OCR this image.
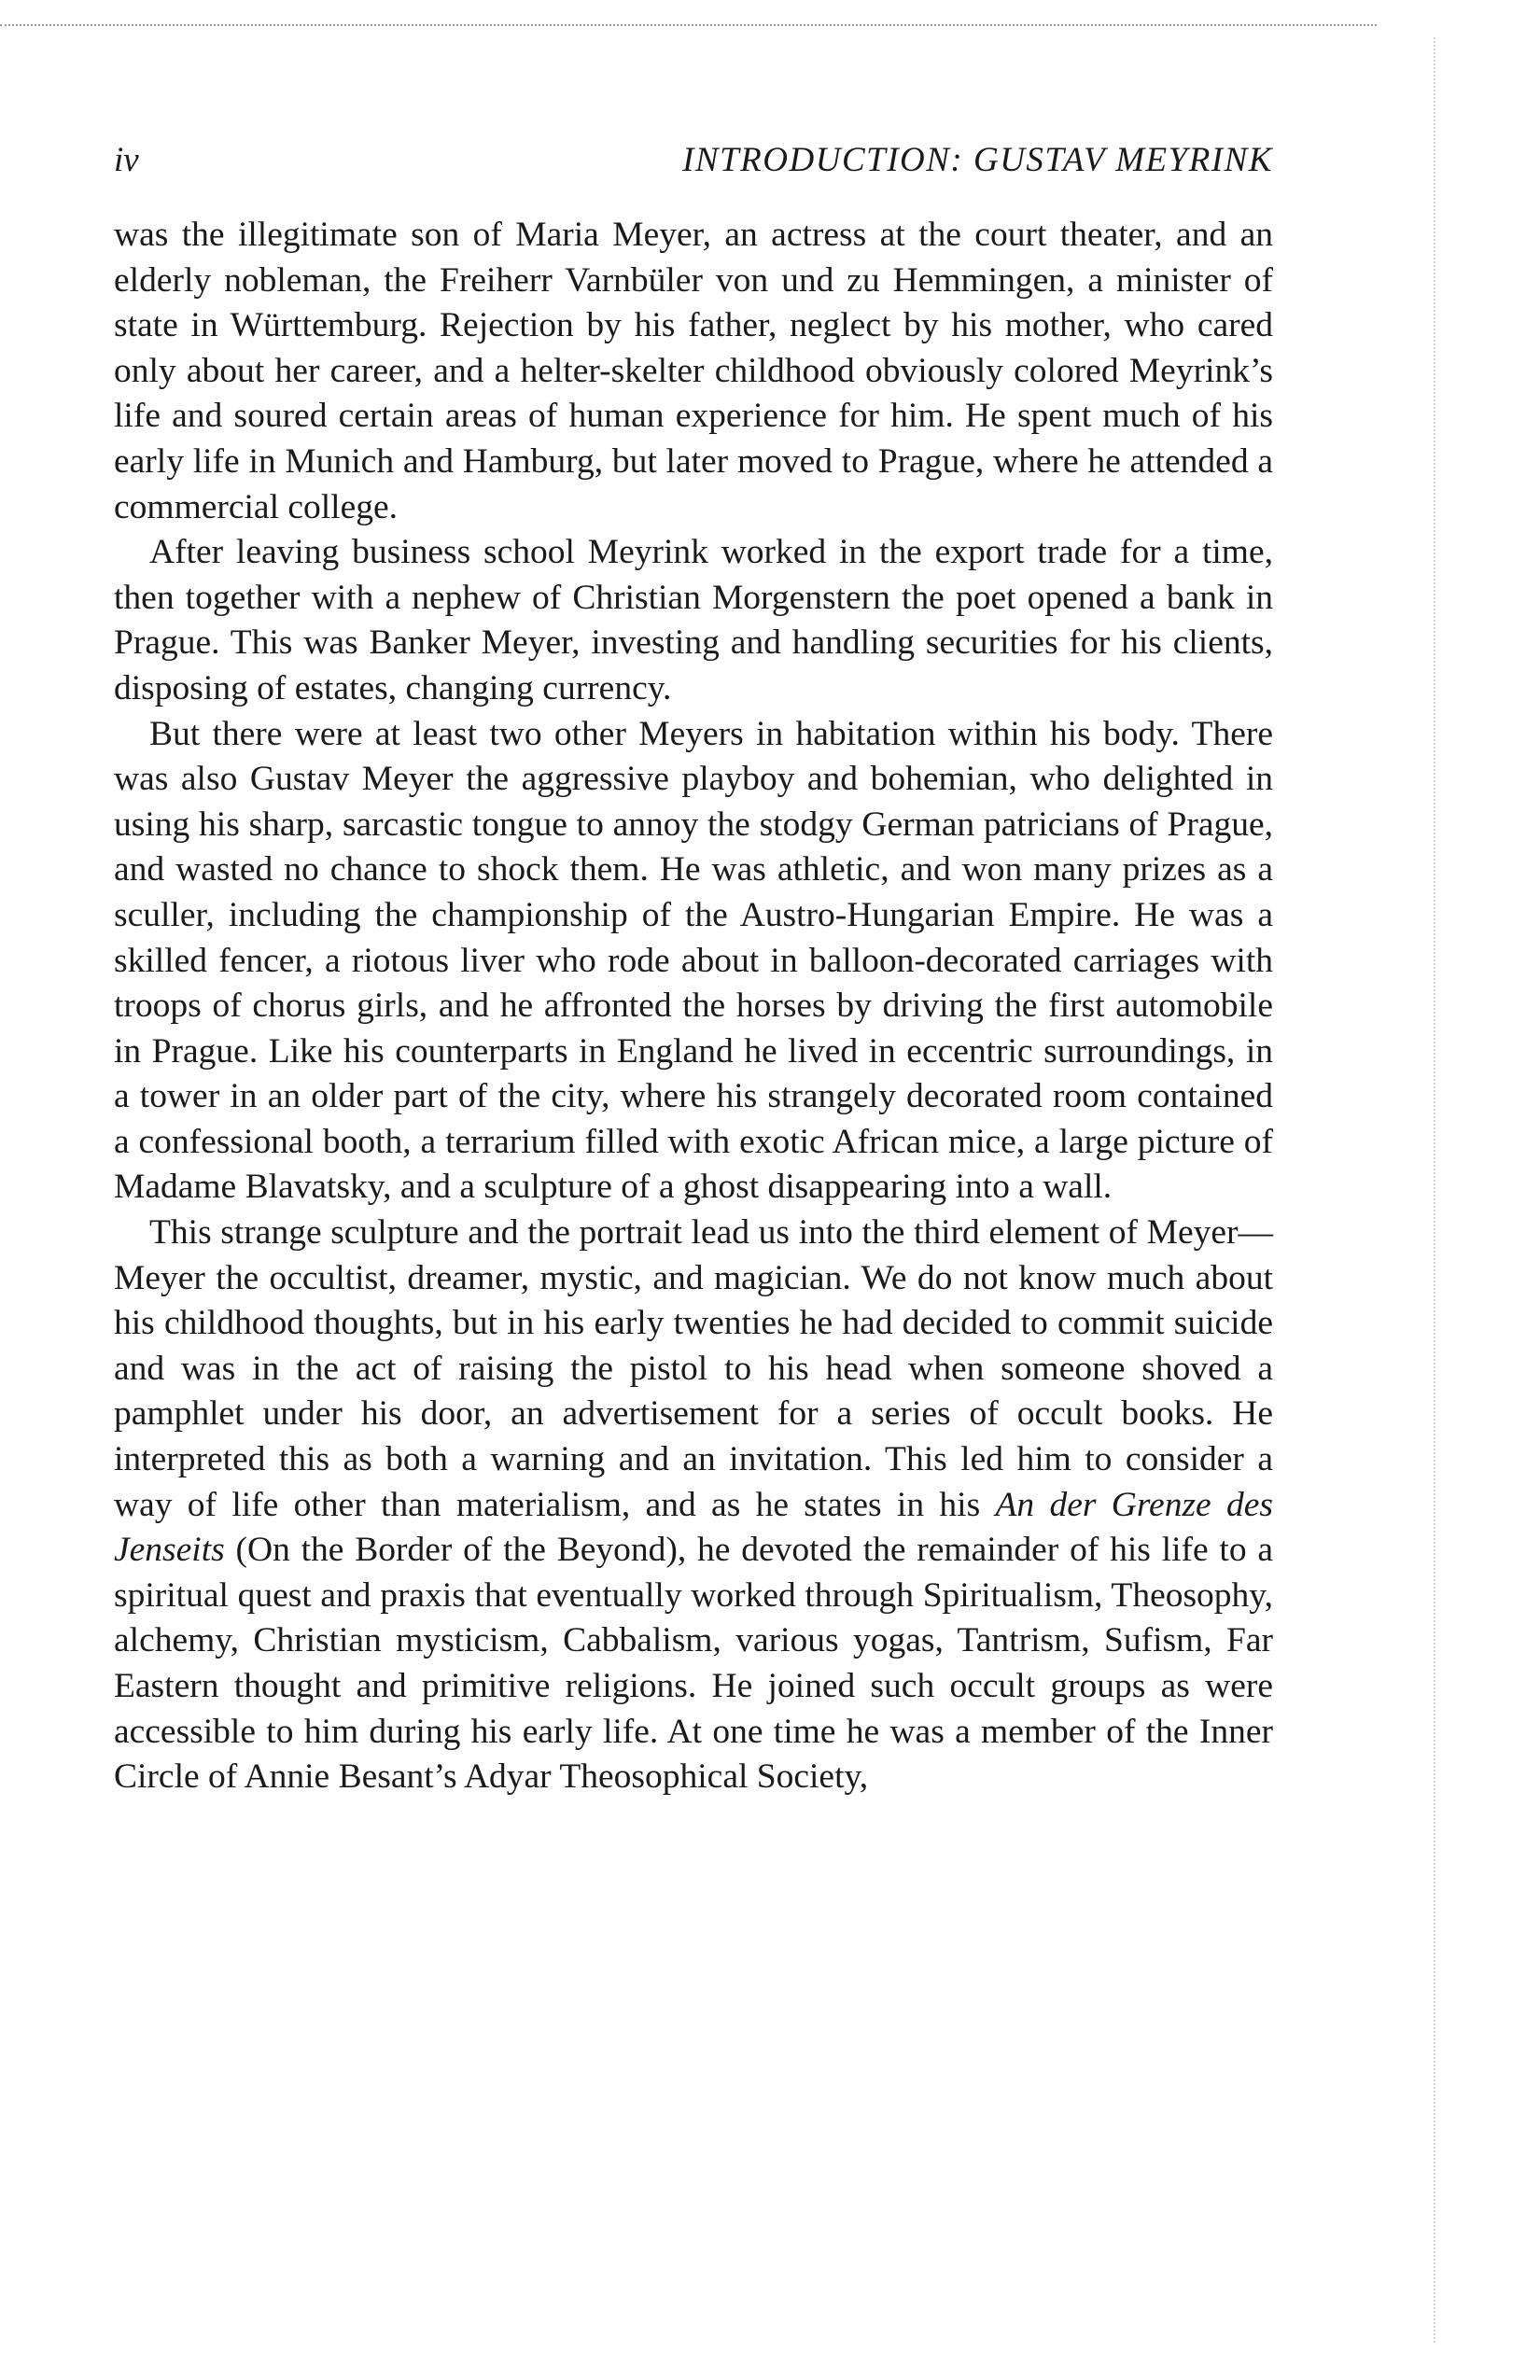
iv	INTRODUCTION: GUSTAV MEYRINK

was the illegitimate son of Maria Meyer, an actress at the court theater, and an elderly nobleman, the Freiherr Varnbüler von und zu Hemmingen, a minister of state in Württemburg. Rejection by his father, neglect by his mother, who cared only about her career, and a helter-skelter childhood obviously colored Meyrink’s life and soured certain areas of human experience for him. He spent much of his early life in Munich and Hamburg, but later moved to Prague, where he attended a commercial college.

After leaving business school Meyrink worked in the export trade for a time, then together with a nephew of Christian Morgenstern the poet opened a bank in Prague. This was Banker Meyer, investing and handling securities for his clients, disposing of estates, changing currency.

But there were at least two other Meyers in habitation within his body. There was also Gustav Meyer the aggressive playboy and bohemian, who delighted in using his sharp, sarcastic tongue to annoy the stodgy German patricians of Prague, and wasted no chance to shock them. He was athletic, and won many prizes as a sculler, including the championship of the Austro-Hungarian Empire. He was a skilled fencer, a riotous liver who rode about in balloon-decorated carriages with troops of chorus girls, and he affronted the horses by driving the first automobile in Prague. Like his counterparts in England he lived in eccentric surroundings, in a tower in an older part of the city, where his strangely decorated room contained a confessional booth, a terrarium filled with exotic African mice, a large picture of Madame Blavatsky, and a sculpture of a ghost disappearing into a wall.

This strange sculpture and the portrait lead us into the third element of Meyer—Meyer the occultist, dreamer, mystic, and magician. We do not know much about his childhood thoughts, but in his early twenties he had decided to commit suicide and was in the act of raising the pistol to his head when someone shoved a pamphlet under his door, an advertisement for a series of occult books. He interpreted this as both a warning and an invitation. This led him to consider a way of life other than materialism, and as he states in his An der Grenze des Jenseits (On the Border of the Beyond), he devoted the remainder of his life to a spiritual quest and praxis that eventually worked through Spiritualism, Theosophy, alchemy, Christian mysticism, Cabbalism, various yogas, Tantrism, Sufism, Far Eastern thought and primitive religions. He joined such occult groups as were accessible to him during his early life. At one time he was a member of the Inner Circle of Annie Besant’s Adyar Theosophical Society,
